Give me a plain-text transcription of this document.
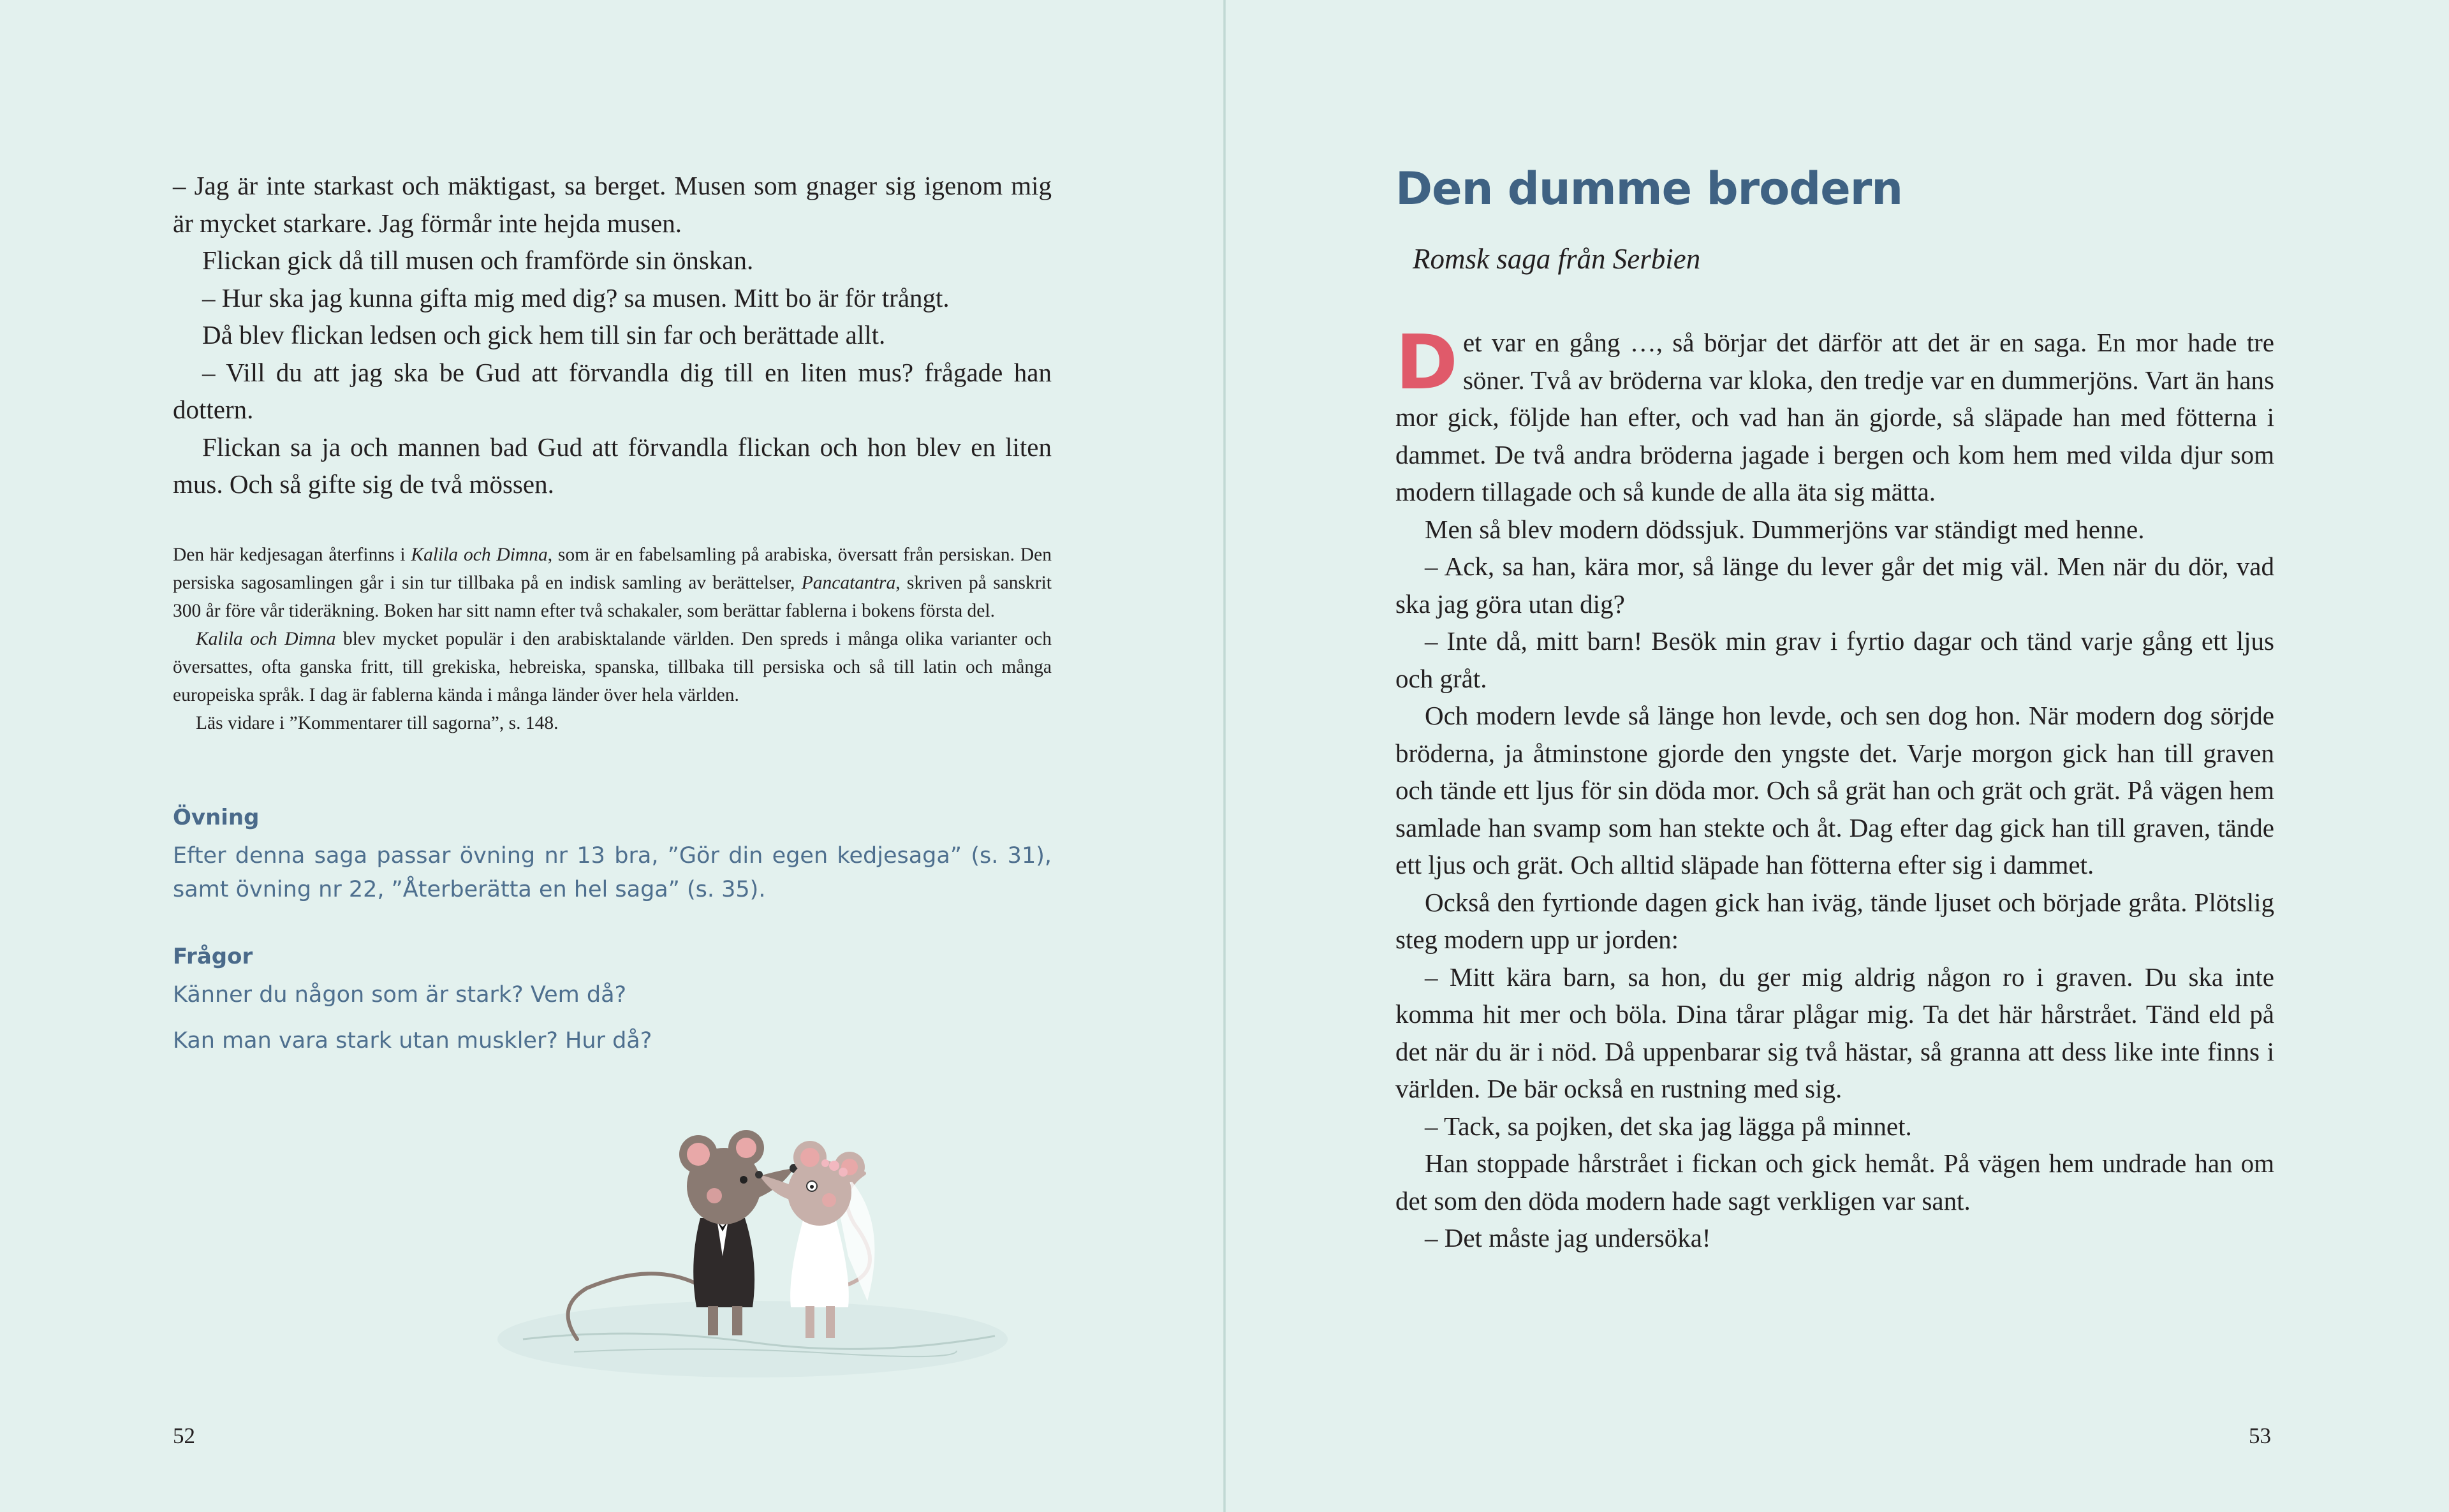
– Jag är inte starkast och mäktigast, sa berget. Musen som gnager sig igenom mig är mycket starkare. Jag förmår inte hejda musen.

Flickan gick då till musen och framförde sin önskan.

– Hur ska jag kunna gifta mig med dig? sa musen. Mitt bo är för trångt.

Då blev flickan ledsen och gick hem till sin far och berättade allt.

– Vill du att jag ska be Gud att förvandla dig till en liten mus? frågade han dottern.

Flickan sa ja och mannen bad Gud att förvandla flickan och hon blev en liten mus. Och så gifte sig de två mössen.

Den här kedjesagan återfinns i Kalila och Dimna, som är en fabelsamling på arabiska, översatt från persiskan. Den persiska sagosamlingen går i sin tur tillbaka på en indisk samling av berättelser, Pancatantra, skriven på sanskrit 300 år före vår tideräkning. Boken har sitt namn efter två schakaler, som berättar fablerna i bokens första del.

Kalila och Dimna blev mycket populär i den arabisktalande världen. Den spreds i många olika varianter och översattes, ofta ganska fritt, till grekiska, hebreiska, spanska, tillbaka till persiska och så till latin och många europeiska språk. I dag är fablerna kända i många länder över hela världen.

Läs vidare i ”Kommentarer till sagorna”, s. 148.

Övning
Efter denna saga passar övning nr 13 bra, ”Gör din egen kedjesaga” (s. 31), samt övning nr 22, ”Återberätta en hel saga” (s. 35).
Frågor
Känner du någon som är stark? Vem då?
Kan man vara stark utan muskler? Hur då?
52
Den dumme brodern
Romsk saga från Serbien

Det var en gång …, så börjar det därför att det är en saga. En mor hade tre söner. Två av bröderna var kloka, den tredje var en dummerjöns. Vart än hans mor gick, följde han efter, och vad han än gjorde, så släpade han med fötterna i dammet. De två andra bröderna jagade i bergen och kom hem med vilda djur som modern tillagade och så kunde de alla äta sig mätta.

Men så blev modern dödssjuk. Dummerjöns var ständigt med henne.

– Ack, sa han, kära mor, så länge du lever går det mig väl. Men när du dör, vad ska jag göra utan dig?

– Inte då, mitt barn! Besök min grav i fyrtio dagar och tänd varje gång ett ljus och gråt.

Och modern levde så länge hon levde, och sen dog hon. När modern dog sörjde bröderna, ja åtminstone gjorde den yngste det. Varje morgon gick han till graven och tände ett ljus för sin döda mor. Och så grät han och grät och grät. På vägen hem samlade han svamp som han stekte och åt. Dag efter dag gick han till graven, tände ett ljus och grät. Och alltid släpade han fötterna efter sig i dammet.

Också den fyrtionde dagen gick han iväg, tände ljuset och började gråta. Plötslig steg modern upp ur jorden:

– Mitt kära barn, sa hon, du ger mig aldrig någon ro i graven. Du ska inte komma hit mer och böla. Dina tårar plågar mig. Ta det här hårstrået. Tänd eld på det när du är i nöd. Då uppenbarar sig två hästar, så granna att dess like inte finns i världen. De bär också en rustning med sig.

– Tack, sa pojken, det ska jag lägga på minnet.

Han stoppade hårstrået i fickan och gick hemåt. På vägen hem undrade han om det som den döda modern hade sagt verkligen var sant.

– Det måste jag undersöka!

53
